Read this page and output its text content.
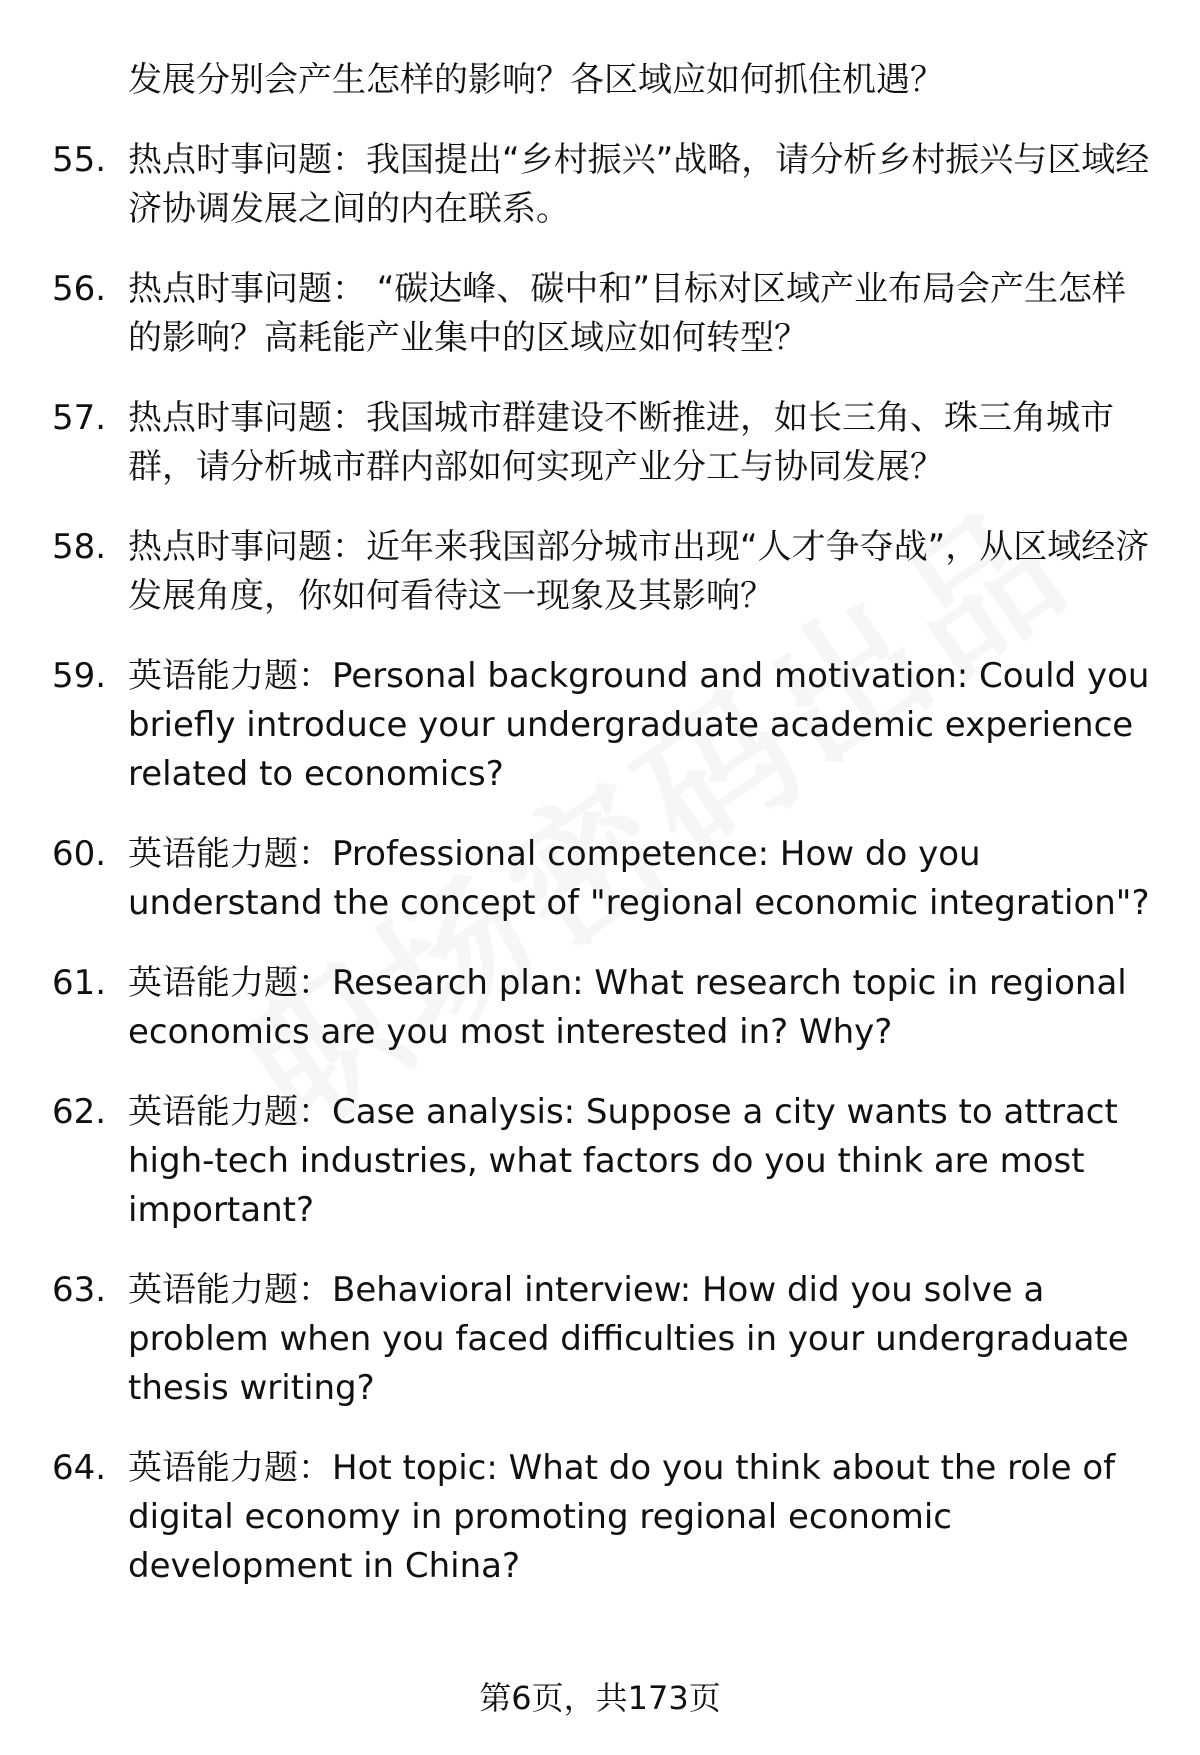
发展分别会产生怎样的影响？各区域应如何抓住机遇？
55. 热点时事问题：我国提出“乡村振兴”战略，请分析乡村振兴与区域经济协调发展之间的内在联系。
56. 热点时事问题： “碳达峰、碳中和”目标对区域产业布局会产生怎样的影响？高耗能产业集中的区域应如何转型？
57. 热点时事问题：我国城市群建设不断推进，如长三角、珠三角城市群，请分析城市群内部如何实现产业分工与协同发展？
58. 热点时事问题：近年来我国部分城市出现“人才争夺战”，从区域经济发展角度，你如何看待这一现象及其影响？
59. 英语能力题：Personal background and motivation: Could you briefly introduce your undergraduate academic experience related to economics?
60. 英语能力题：Professional competence: How do you understand the concept of "regional economic integration"?
61. 英语能力题：Research plan: What research topic in regional economics are you most interested in? Why?
62. 英语能力题：Case analysis: Suppose a city wants to attract high-tech industries, what factors do you think are most important?
63. 英语能力题：Behavioral interview: How did you solve a problem when you faced difficulties in your undergraduate thesis writing?
64. 英语能力题：Hot topic: What do you think about the role of digital economy in promoting regional economic development in China?
第6页，共173页
